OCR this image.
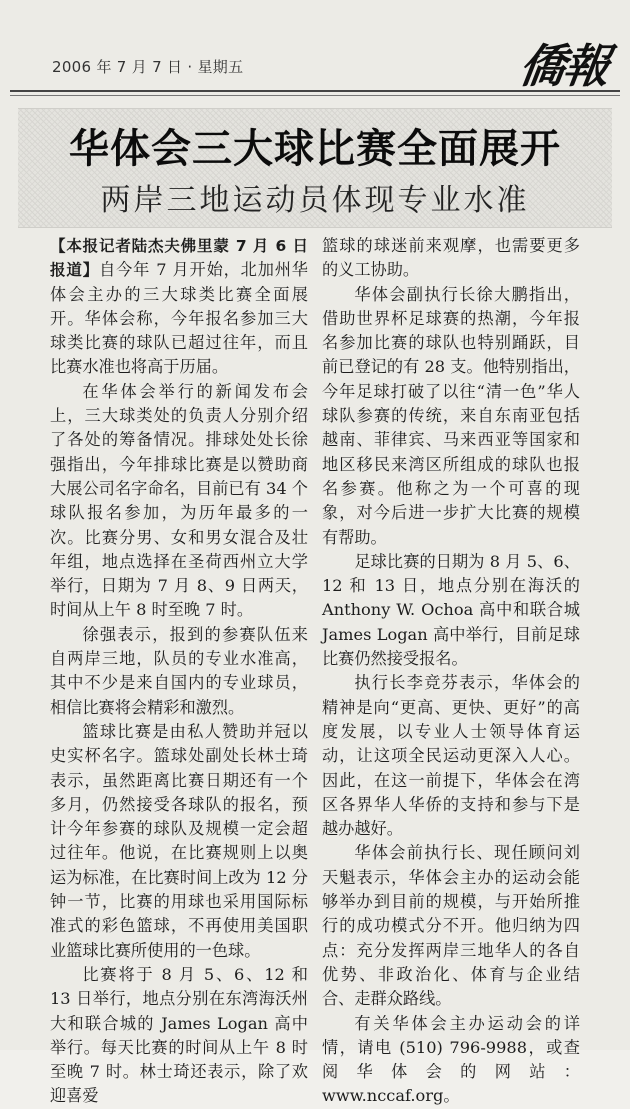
2006 年 7 月 7 日 · 星期五	僑報
华体会三大球比赛全面展开
两岸三地运动员体现专业水准

【本报记者陆杰夫佛里蒙 7 月 6 日报道】自今年 7 月开始，北加州华体会主办的三大球类比赛全面展开。华体会称，今年报名参加三大球类比赛的球队已超过往年，而且比赛水准也将高于历届。

在华体会举行的新闻发布会上，三大球类处的负责人分别介绍了各处的筹备情况。排球处处长徐强指出，今年排球比赛是以赞助商大展公司名字命名，目前已有 34 个球队报名参加，为历年最多的一次。比赛分男、女和男女混合及壮年组，地点选择在圣荷西州立大学举行，日期为 7 月 8、9 日两天，时间从上午 8 时至晚 7 时。

徐强表示，报到的参赛队伍来自两岸三地，队员的专业水准高，其中不少是来自国内的专业球员，相信比赛将会精彩和激烈。

篮球比赛是由私人赞助并冠以史实杯名字。篮球处副处长林士琦表示，虽然距离比赛日期还有一个多月，仍然接受各球队的报名，预计今年参赛的球队及规模一定会超过往年。他说，在比赛规则上以奥运为标准，在比赛时间上改为 12 分钟一节，比赛的用球也采用国际标准式的彩色篮球，不再使用美国职业篮球比赛所使用的一色球。

比赛将于 8 月 5、6、12 和 13 日举行，地点分别在东湾海沃州大和联合城的 James Logan 高中举行。每天比赛的时间从上午 8 时至晚 7 时。林士琦还表示，除了欢迎喜爱

篮球的球迷前来观摩，也需要更多的义工协助。

华体会副执行长徐大鹏指出，借助世界杯足球赛的热潮，今年报名参加比赛的球队也特别踊跃，目前已登记的有 28 支。他特别指出，今年足球打破了以往“清一色”华人球队参赛的传统，来自东南亚包括越南、菲律宾、马来西亚等国家和地区移民来湾区所组成的球队也报名参赛。他称之为一个可喜的现象，对今后进一步扩大比赛的规模有帮助。

足球比赛的日期为 8 月 5、6、12 和 13 日，地点分别在海沃的 Anthony W. Ochoa 高中和联合城 James Logan 高中举行，目前足球比赛仍然接受报名。

执行长李竞芬表示，华体会的精神是向“更高、更快、更好”的高度发展，以专业人士领导体育运动，让这项全民运动更深入人心。因此，在这一前提下，华体会在湾区各界华人华侨的支持和参与下是越办越好。

华体会前执行长、现任顾问刘天魁表示，华体会主办的运动会能够举办到目前的规模，与开始所推行的成功模式分不开。他归纳为四点：充分发挥两岸三地华人的各自优势、非政治化、体育与企业结合、走群众路线。

有关华体会主办运动会的详情，请电 (510) 796-9988，或查阅华体会的网站：www.nccaf.org。
